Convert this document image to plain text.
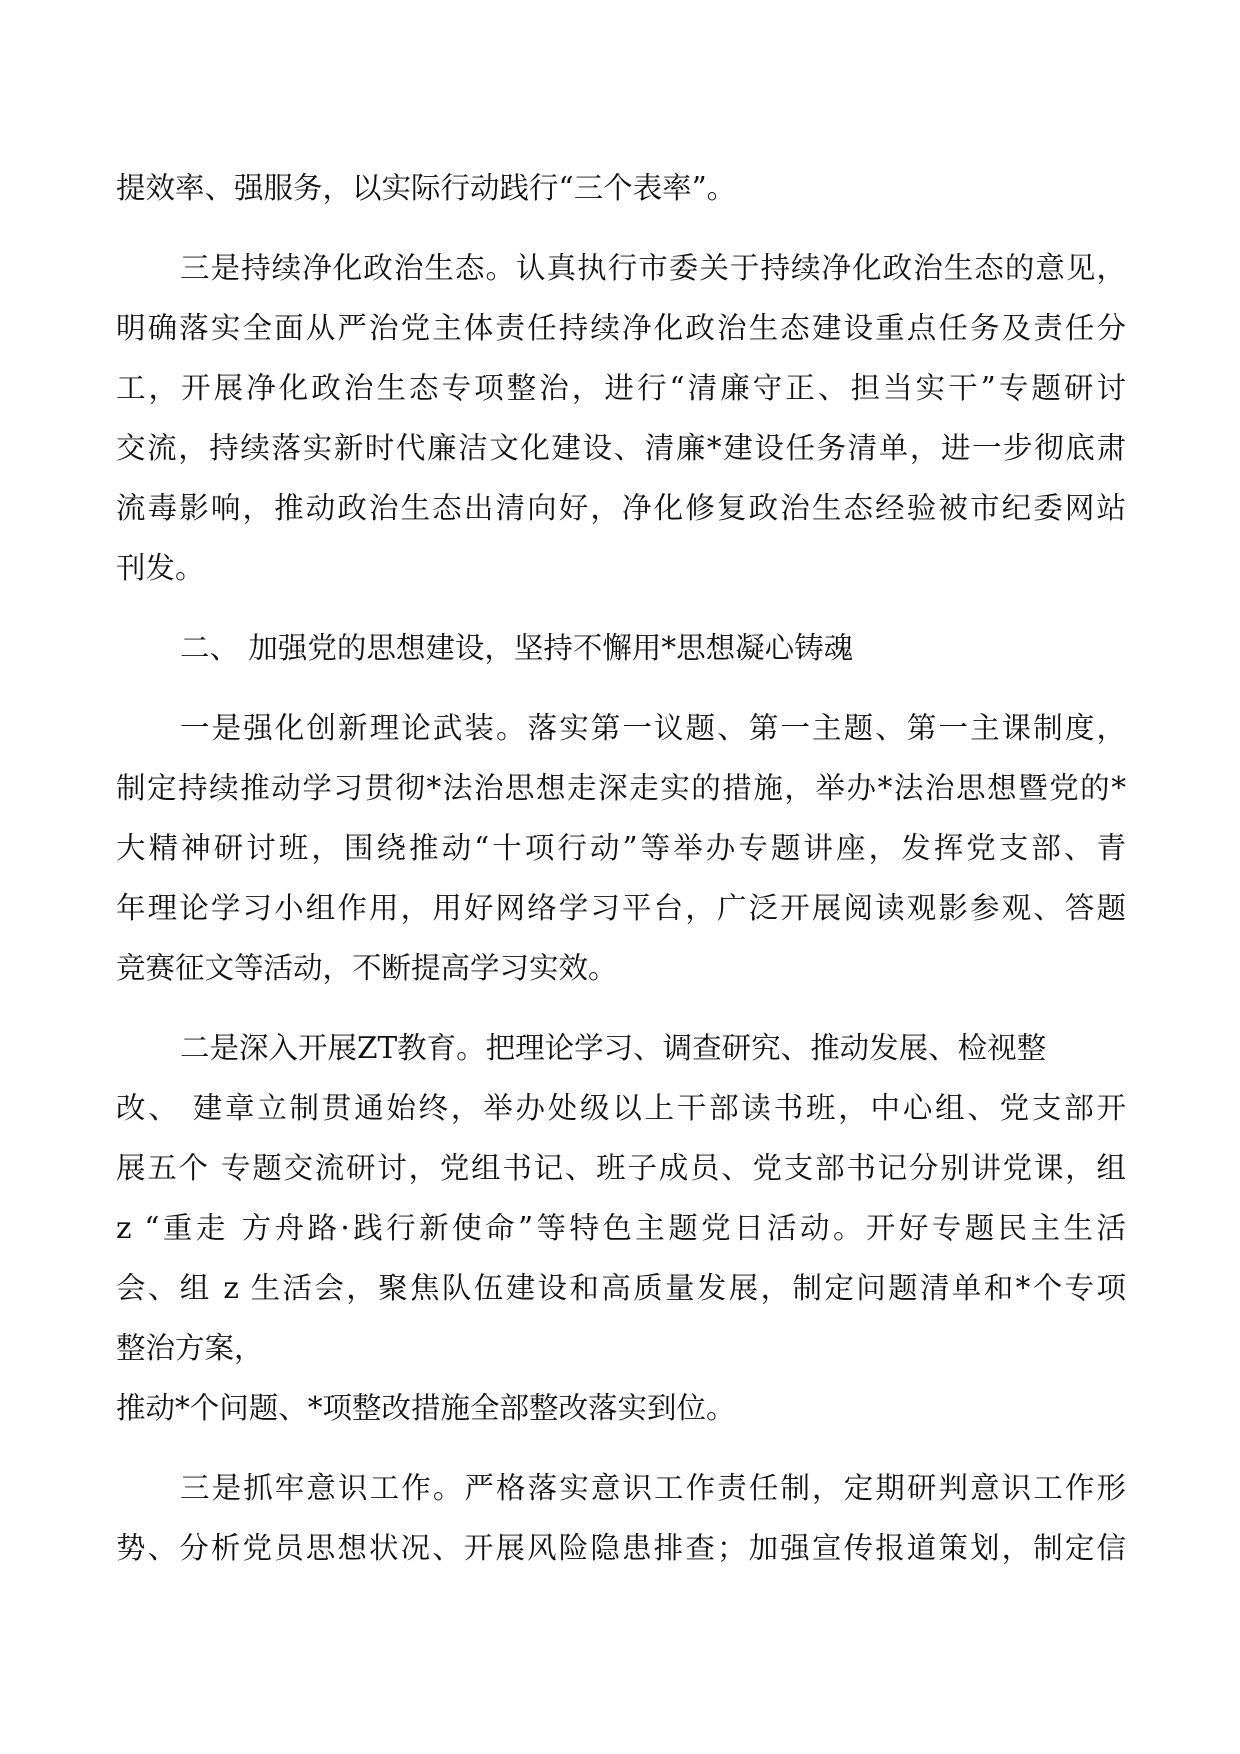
提效率、强服务，以实际行动践行“三个表率”。
三是持续净化政治生态。认真执行市委关于持续净化政治生态的意见，
明确落实全面从严治党主体责任持续净化政治生态建设重点任务及责任分
工，开展净化政治生态专项整治，进行“清廉守正、担当实干”专题研讨
交流，持续落实新时代廉洁文化建设、清廉*建设任务清单，进一步彻底肃
流毒影响，推动政治生态出清向好，净化修复政治生态经验被市纪委网站
刊发。
二、 加强党的思想建设，坚持不懈用*思想凝心铸魂
一是强化创新理论武装。落实第一议题、第一主题、第一主课制度，
制定持续推动学习贯彻*法治思想走深走实的措施，举办*法治思想暨党的*
大精神研讨班，围绕推动“十项行动”等举办专题讲座，发挥党支部、青
年理论学习小组作用，用好网络学习平台，广泛开展阅读观影参观、答题
竞赛征文等活动，不断提高学习实效。
二是深入开展ZT教育。把理论学习、调查研究、推动发展、检视整
改、 建章立制贯通始终，举办处级以上干部读书班，中心组、党支部开
展五个 专题交流研讨，党组书记、班子成员、党支部书记分别讲党课，组
z “重走 方舟路·践行新使命”等特色主题党日活动。开好专题民主生活
会、组 z 生活会，聚焦队伍建设和高质量发展，制定问题清单和*个专项
整治方案，
推动*个问题、*项整改措施全部整改落实到位。
三是抓牢意识工作。严格落实意识工作责任制，定期研判意识工作形
势、分析党员思想状况、开展风险隐患排查；加强宣传报道策划，制定信
